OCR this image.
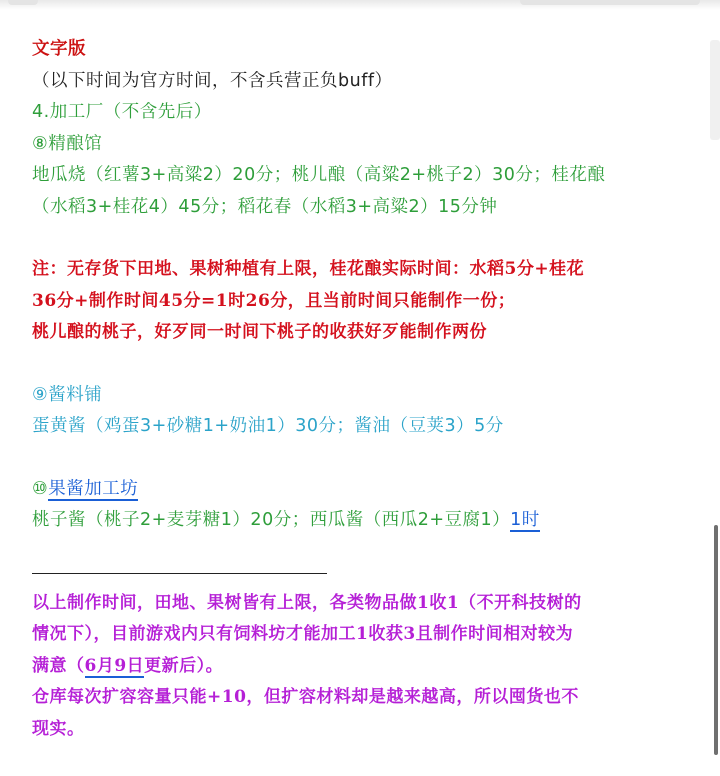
文字版
（以下时间为官方时间，不含兵营正负buff）
4.加工厂（不含先后）
⑧精酿馆
地瓜烧（红薯3+高粱2）20分；桃儿酿（高粱2+桃子2）30分；桂花酿
（水稻3+桂花4）45分；稻花春（水稻3+高粱2）15分钟
注：无存货下田地、果树种植有上限，桂花酿实际时间：水稻5分+桂花
36分+制作时间45分=1时26分，且当前时间只能制作一份；
桃儿酿的桃子，好歹同一时间下桃子的收获好歹能制作两份
⑨酱料铺
蛋黄酱（鸡蛋3+砂糖1+奶油1）30分；酱油（豆荚3）5分
⑩果酱加工坊
桃子酱（桃子2+麦芽糖1）20分；西瓜酱（西瓜2+豆腐1）1时
以上制作时间，田地、果树皆有上限，各类物品做1收1（不开科技树的
情况下），目前游戏内只有饲料坊才能加工1收获3且制作时间相对较为
满意（6月9日更新后）。
仓库每次扩容容量只能+10，但扩容材料却是越来越高，所以囤货也不
现实。
